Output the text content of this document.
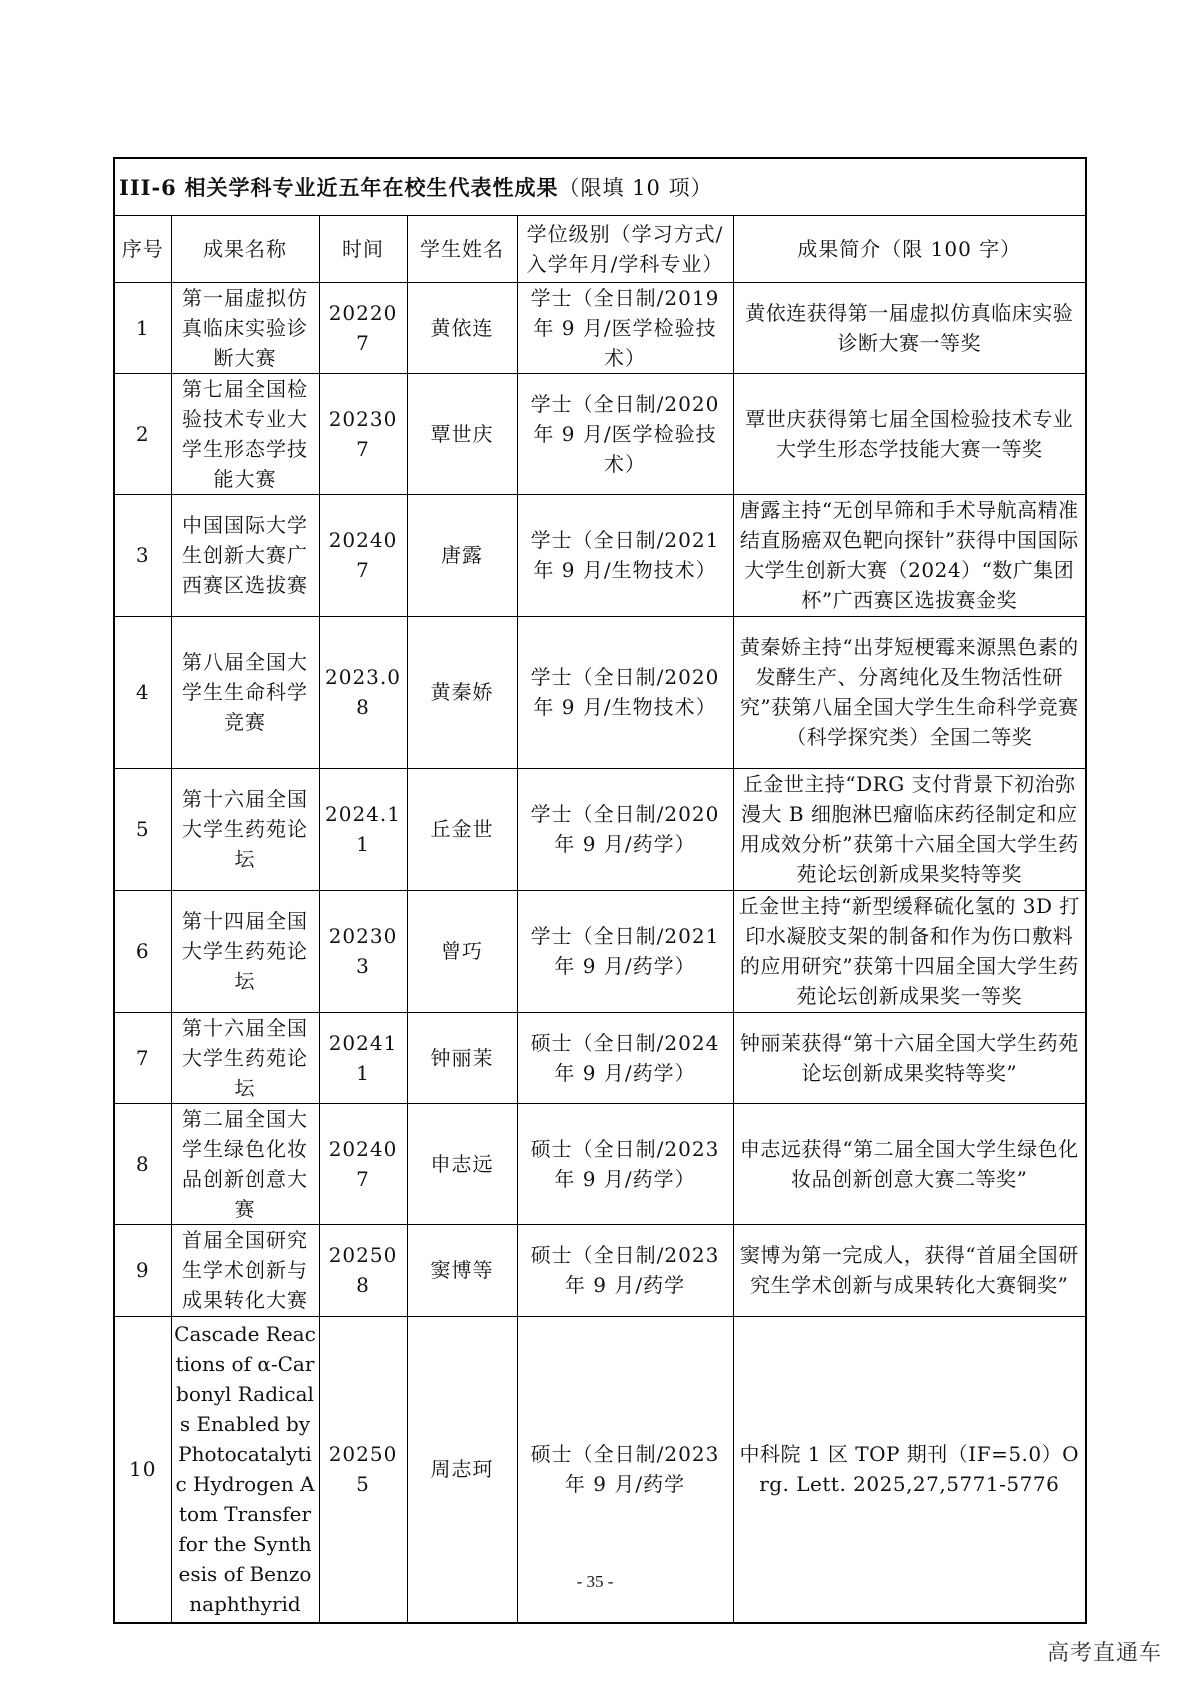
III-6
相关学科专业近五年在校生代表性成果 （限填 10 项）
序号	成果名称	时间	学生姓名	学位级别（学习方式/入学年月/学科专业）	成果简介（限 100 字）
1	第一届虚拟仿真临床实验诊断大赛	202207	黄依连	学士（全日制/2019 年 9 月/医学检验技术）	黄依连获得第一届虚拟仿真临床实验诊断大赛一等奖
2	第七届全国检验技术专业大学生形态学技能大赛	202307	覃世庆	学士（全日制/2020 年 9 月/医学检验技术）	覃世庆获得第七届全国检验技术专业大学生形态学技能大赛一等奖
3	中国国际大学生创新大赛广西赛区选拔赛	202407	唐露	学士（全日制/2021 年 9 月/生物技术）	唐露主持“无创早筛和手术导航高精准结直肠癌双色靶向探针”获得中国国际大学生创新大赛（2024）“数广集团杯”广西赛区选拔赛金奖
4	第八届全国大学生生命科学竞赛	2023.08	黄秦娇	学士（全日制/2020 年 9 月/生物技术）	黄秦娇主持“出芽短梗霉来源黑色素的发酵生产、分离纯化及生物活性研究”获第八届全国大学生生命科学竞赛（科学探究类）全国二等奖
5	第十六届全国大学生药苑论坛	2024.11	丘金世	学士（全日制/2020 年 9 月/药学）	丘金世主持“DRG 支付背景下初治弥漫大 B 细胞淋巴瘤临床药径制定和应用成效分析”获第十六届全国大学生药苑论坛创新成果奖特等奖
6	第十四届全国大学生药苑论坛	202303	曾巧	学士（全日制/2021 年 9 月/药学）	丘金世主持“新型缓释硫化氢的 3D 打印水凝胶支架的制备和作为伤口敷料的应用研究”获第十四届全国大学生药苑论坛创新成果奖一等奖
7	第十六届全国大学生药苑论坛	202411	钟丽茉	硕士（全日制/2024 年 9 月/药学）	钟丽茉获得“第十六届全国大学生药苑论坛创新成果奖特等奖”
8	第二届全国大学生绿色化妆品创新创意大赛	202407	申志远	硕士（全日制/2023 年 9 月/药学）	申志远获得“第二届全国大学生绿色化妆品创新创意大赛二等奖”
9	首届全国研究生学术创新与成果转化大赛	202508	窦博等	硕士（全日制/2023 年 9 月/药学	窦博为第一完成人，获得“首届全国研究生学术创新与成果转化大赛铜奖”
10	Cascade Reactions of α-Carbonyl Radicals Enabled by Photocatalytic Hydrogen Atom Transfer for the Synthesis of Benzonaphthyrid	202505	周志珂	硕士（全日制/2023 年 9 月/药学	中科院 1 区 TOP 期刊（IF=5.0）Org. Lett. 2025,27,5771-5776
- 35 -
高考直通车
